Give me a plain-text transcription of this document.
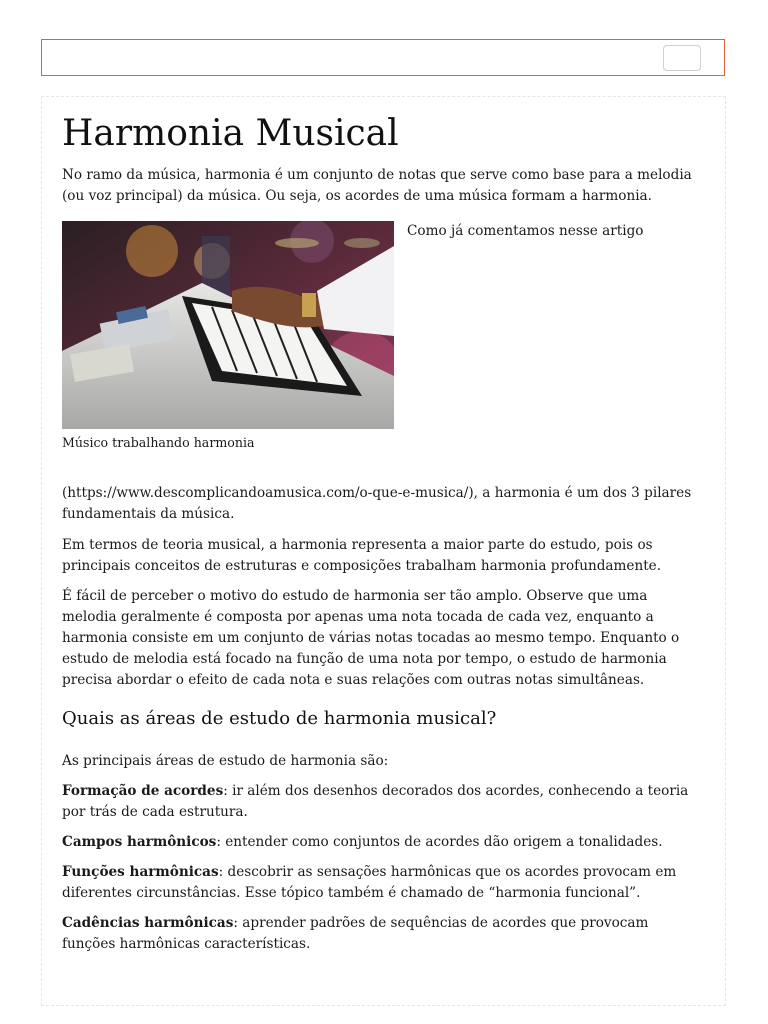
Harmonia Musical

No ramo da música, harmonia é um conjunto de notas que serve como base para a melodia (ou voz principal) da música. Ou seja, os acordes de uma música formam a harmonia.

Músico trabalhando harmonia
Como já comentamos nesse artigo

(https://www.descomplicandoamusica.com/o-que-e-musica/), a harmonia é um dos 3 pilares fundamentais da música.

Em termos de teoria musical, a harmonia representa a maior parte do estudo, pois os principais conceitos de estruturas e composições trabalham harmonia profundamente.

É fácil de perceber o motivo do estudo de harmonia ser tão amplo. Observe que uma melodia geralmente é composta por apenas uma nota tocada de cada vez, enquanto a harmonia consiste em um conjunto de várias notas tocadas ao mesmo tempo. Enquanto o estudo de melodia está focado na função de uma nota por tempo, o estudo de harmonia precisa abordar o efeito de cada nota e suas relações com outras notas simultâneas.

Quais as áreas de estudo de harmonia musical?

As principais áreas de estudo de harmonia são:

Formação de acordes: ir além dos desenhos decorados dos acordes, conhecendo a teoria por trás de cada estrutura.

Campos harmônicos: entender como conjuntos de acordes dão origem a tonalidades.

Funções harmônicas: descobrir as sensações harmônicas que os acordes provocam em diferentes circunstâncias. Esse tópico também é chamado de “harmonia funcional”.

Cadências harmônicas: aprender padrões de sequências de acordes que provocam funções harmônicas características.
